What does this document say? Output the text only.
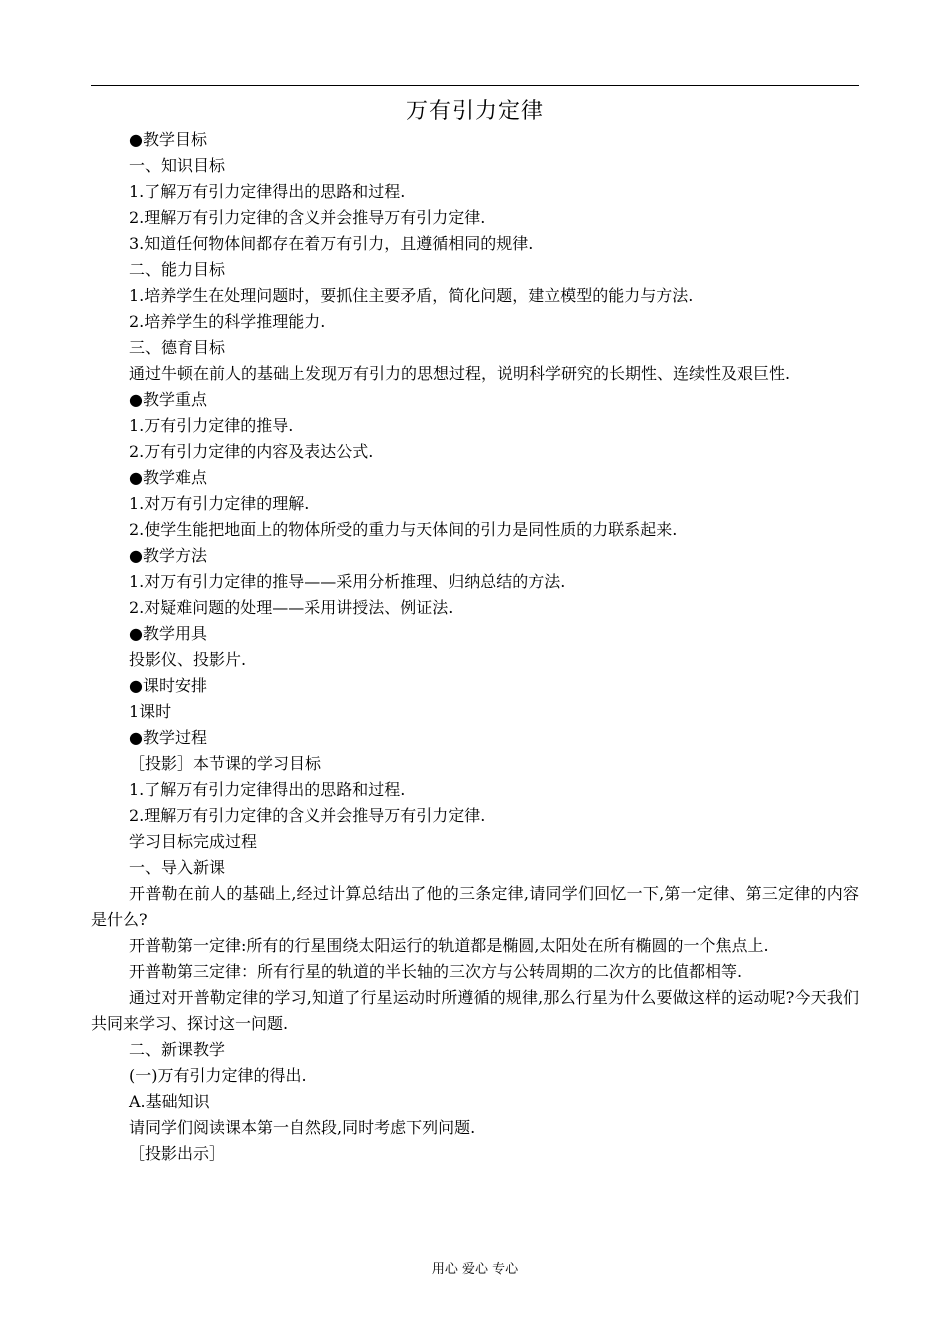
万有引力定律
●教学目标
一、知识目标
1.了解万有引力定律得出的思路和过程.
2.理解万有引力定律的含义并会推导万有引力定律.
3.知道任何物体间都存在着万有引力，且遵循相同的规律.
二、能力目标
1.培养学生在处理问题时，要抓住主要矛盾，简化问题，建立模型的能力与方法.
2.培养学生的科学推理能力.
三、德育目标
通过牛顿在前人的基础上发现万有引力的思想过程，说明科学研究的长期性、连续性及艰巨性.
●教学重点
1.万有引力定律的推导.
2.万有引力定律的内容及表达公式.
●教学难点
1.对万有引力定律的理解.
2.使学生能把地面上的物体所受的重力与天体间的引力是同性质的力联系起来.
●教学方法
1.对万有引力定律的推导——采用分析推理、归纳总结的方法.
2.对疑难问题的处理——采用讲授法、例证法.
●教学用具
投影仪、投影片.
●课时安排
1课时
●教学过程
［投影］本节课的学习目标
1.了解万有引力定律得出的思路和过程.
2.理解万有引力定律的含义并会推导万有引力定律.
学习目标完成过程
一、导入新课
开普勒在前人的基础上,经过计算总结出了他的三条定律,请同学们回忆一下,第一定律、第三定律的内容是什么?
开普勒第一定律:所有的行星围绕太阳运行的轨道都是椭圆,太阳处在所有椭圆的一个焦点上.
开普勒第三定律：所有行星的轨道的半长轴的三次方与公转周期的二次方的比值都相等.
通过对开普勒定律的学习,知道了行星运动时所遵循的规律,那么行星为什么要做这样的运动呢?今天我们共同来学习、探讨这一问题.
二、新课教学
(一)万有引力定律的得出.
A.基础知识
请同学们阅读课本第一自然段,同时考虑下列问题.
［投影出示］
用心 爱心 专心
